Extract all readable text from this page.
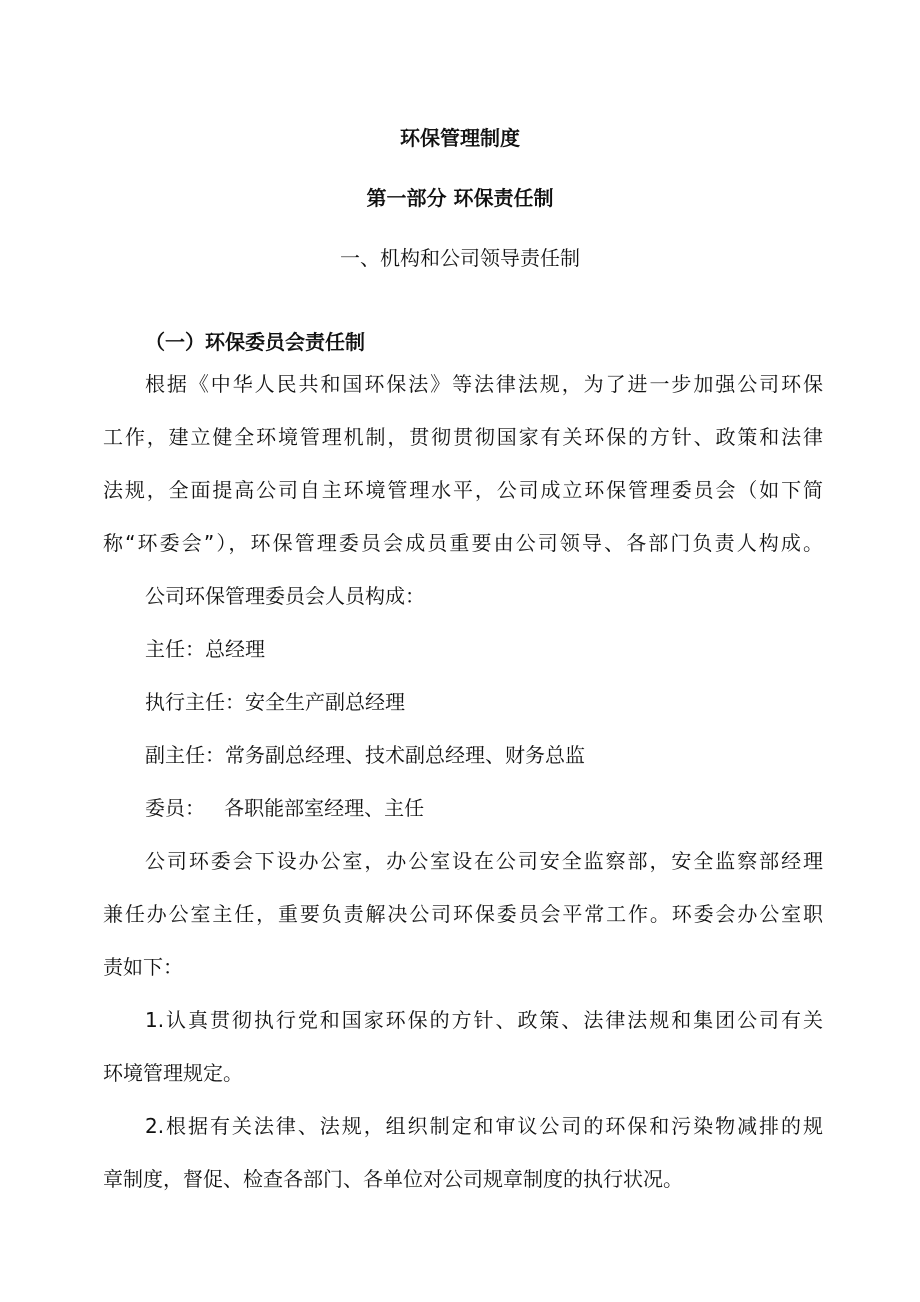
环保管理制度
第一部分 环保责任制
一、机构和公司领导责任制
（一）环保委员会责任制

根据《中华人民共和国环保法》等法律法规，为了进一步加强公司环保

工作，建立健全环境管理机制，贯彻贯彻国家有关环保的方针、政策和法律

法规，全面提高公司自主环境管理水平，公司成立环保管理委员会（如下简

称“环委会”），环保管理委员会成员重要由公司领导、各部门负责人构成。

公司环保管理委员会人员构成：

主任：总经理

执行主任：安全生产副总经理

副主任：常务副总经理、技术副总经理、财务总监

委员：   各职能部室经理、主任

公司环委会下设办公室，办公室设在公司安全监察部，安全监察部经理

兼任办公室主任，重要负责解决公司环保委员会平常工作。环委会办公室职

责如下：

1.认真贯彻执行党和国家环保的方针、政策、法律法规和集团公司有关

环境管理规定。

2.根据有关法律、法规，组织制定和审议公司的环保和污染物减排的规

章制度，督促、检查各部门、各单位对公司规章制度的执行状况。
